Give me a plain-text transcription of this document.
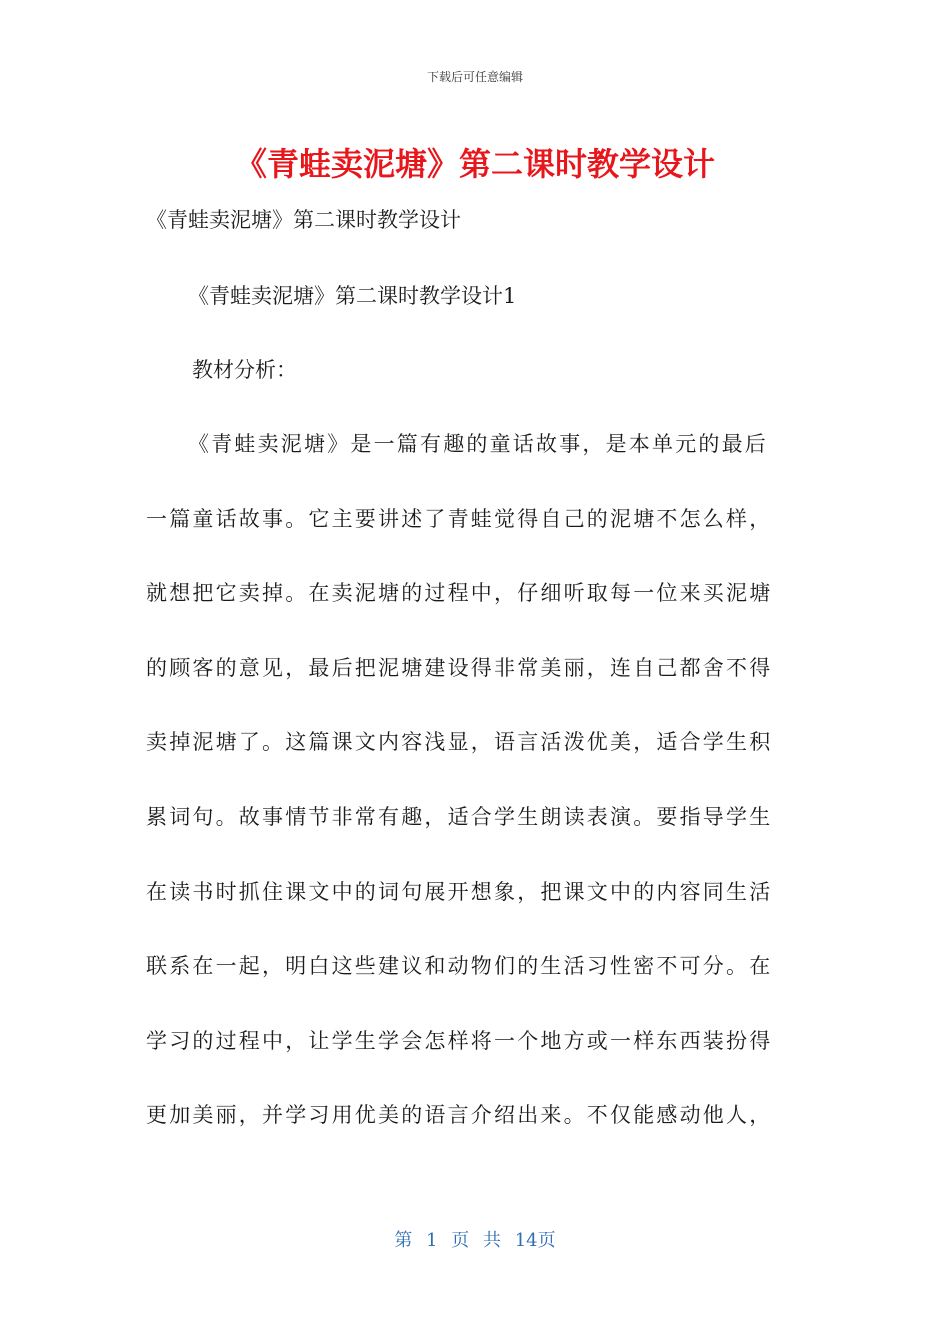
下载后可任意编辑
《青蛙卖泥塘》第二课时教学设计

《青蛙卖泥塘》第二课时教学设计

《青蛙卖泥塘》第二课时教学设计1

教材分析：

《青蛙卖泥塘》是一篇有趣的童话故事，是本单元的最后
一篇童话故事。它主要讲述了青蛙觉得自己的泥塘不怎么样，
就想把它卖掉。在卖泥塘的过程中，仔细听取每一位来买泥塘
的顾客的意见，最后把泥塘建设得非常美丽，连自己都舍不得
卖掉泥塘了。这篇课文内容浅显，语言活泼优美，适合学生积
累词句。故事情节非常有趣，适合学生朗读表演。要指导学生
在读书时抓住课文中的词句展开想象，把课文中的内容同生活
联系在一起，明白这些建议和动物们的生活习性密不可分。在
学习的过程中，让学生学会怎样将一个地方或一样东西装扮得
更加美丽，并学习用优美的语言介绍出来。不仅能感动他人，
第 1 页 共 14页
